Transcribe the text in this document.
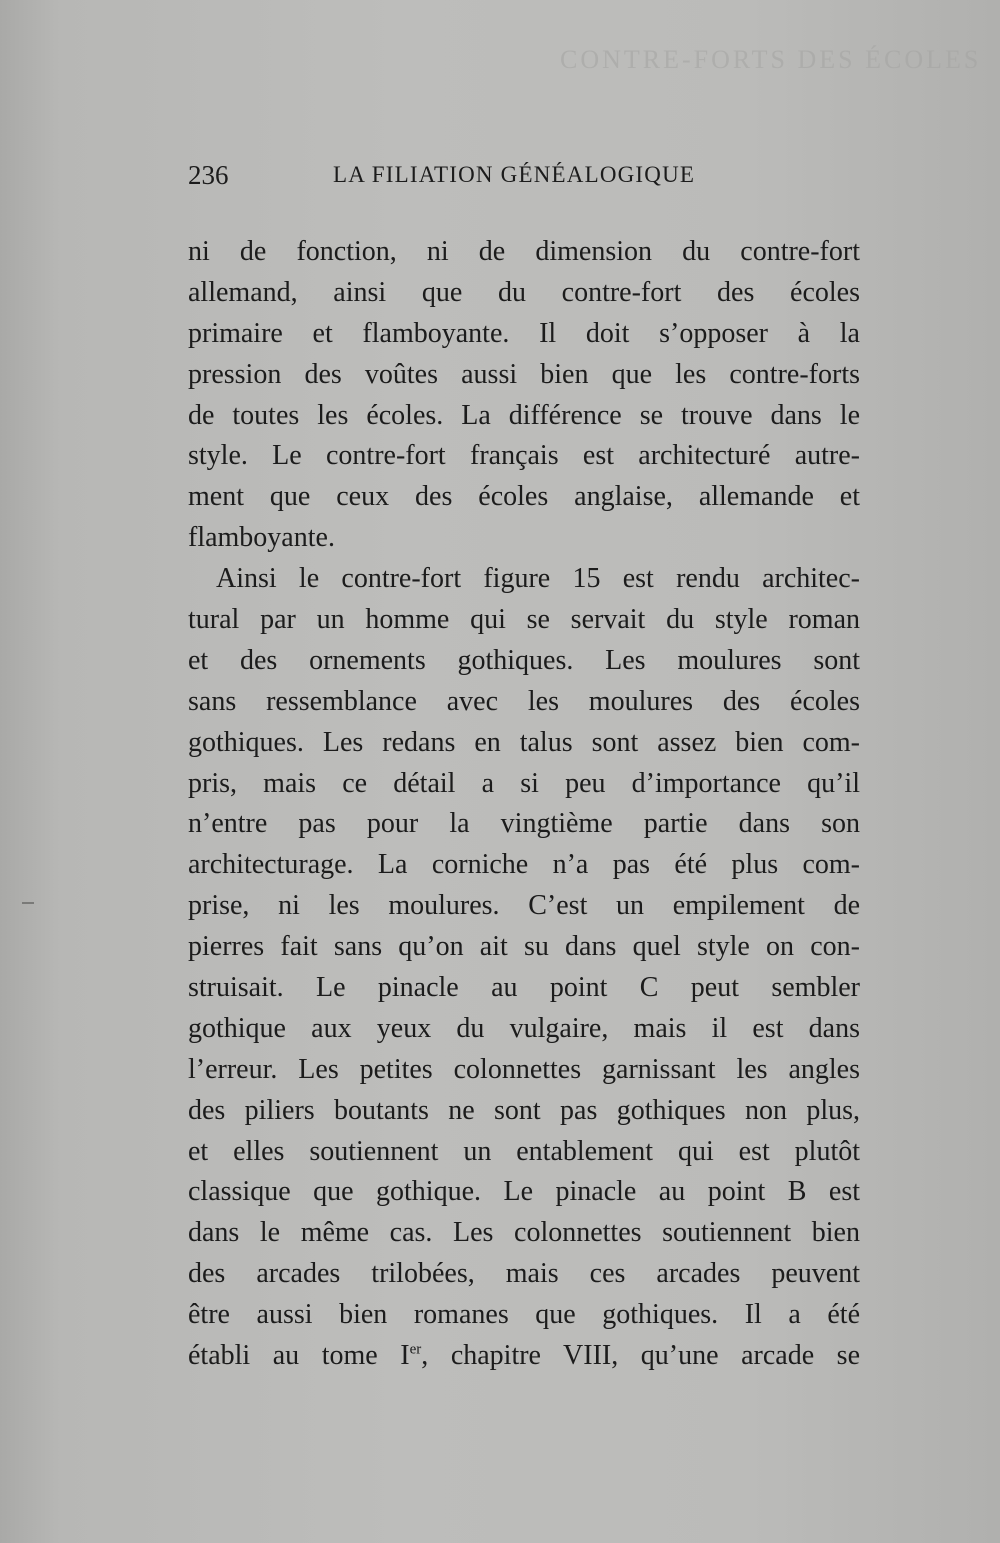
CONTRE-FORTS DES ÉCOLES
236	LA FILIATION GÉNÉALOGIQUE
ni de fonction, ni de dimension du contre-fort
allemand, ainsi que du contre-fort des écoles
primaire et flamboyante. Il doit s’opposer à la
pression des voûtes aussi bien que les contre-forts
de toutes les écoles. La différence se trouve dans le
style. Le contre-fort français est architecturé autre-
ment que ceux des écoles anglaise, allemande et
flamboyante.
Ainsi le contre-fort figure 15 est rendu architec-
tural par un homme qui se servait du style roman
et des ornements gothiques. Les moulures sont
sans ressemblance avec les moulures des écoles
gothiques. Les redans en talus sont assez bien com-
pris, mais ce détail a si peu d’importance qu’il
n’entre pas pour la vingtième partie dans son
architecturage. La corniche n’a pas été plus com-
prise, ni les moulures. C’est un empilement de
pierres fait sans qu’on ait su dans quel style on con-
struisait. Le pinacle au point C peut sembler
gothique aux yeux du vulgaire, mais il est dans
l’erreur. Les petites colonnettes garnissant les angles
des piliers boutants ne sont pas gothiques non plus,
et elles soutiennent un entablement qui est plutôt
classique que gothique. Le pinacle au point B est
dans le même cas. Les colonnettes soutiennent bien
des arcades trilobées, mais ces arcades peuvent
être aussi bien romanes que gothiques. Il a été
établi au tome Ier, chapitre VIII, qu’une arcade se
